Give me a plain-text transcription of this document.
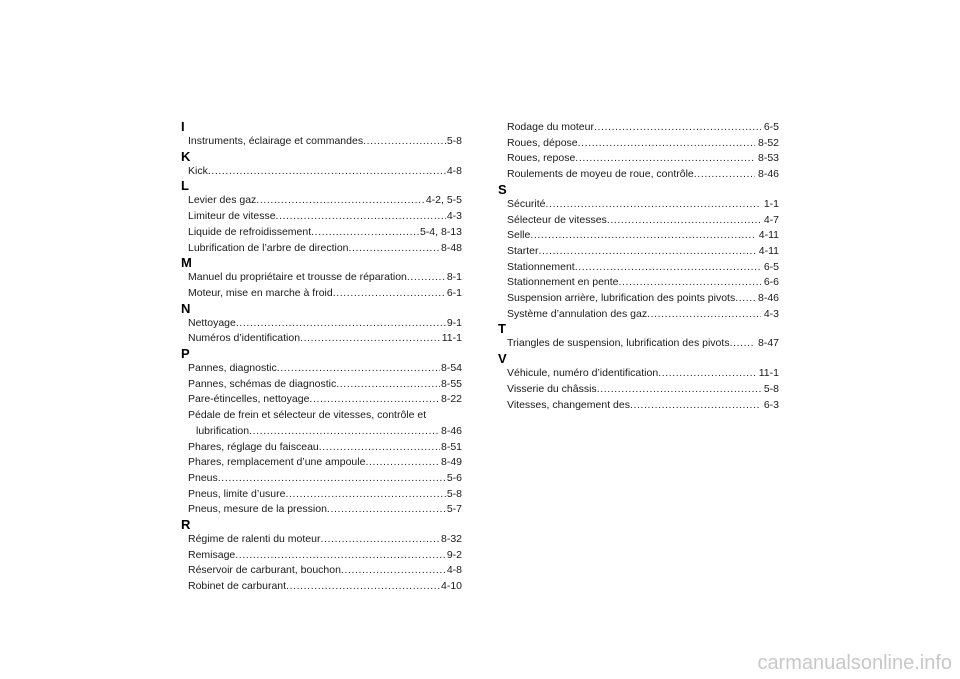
I
Instruments, éclairage et commandes .....	5-8
K
Kick .....	4-8
L
Levier des gaz .....	4-2, 5-5
Limiteur de vitesse .....	4-3
Liquide de refroidissement .....	5-4, 8-13
Lubrification de l’arbre de direction .....	8-48
M
Manuel du propriétaire et trousse de réparation .....	8-1
Moteur, mise en marche à froid .....	6-1
N
Nettoyage .....	9-1
Numéros d’identification .....	11-1
P
Pannes, diagnostic .....	8-54
Pannes, schémas de diagnostic .....	8-55
Pare-étincelles, nettoyage .....	8-22
Pédale de frein et sélecteur de vitesses, contrôle et
lubrification .....	8-46
Phares, réglage du faisceau .....	8-51
Phares, remplacement d’une ampoule .....	8-49
Pneus .....	5-6
Pneus, limite d’usure .....	5-8
Pneus, mesure de la pression .....	5-7
R
Régime de ralenti du moteur .....	8-32
Remisage .....	9-2
Réservoir de carburant, bouchon .....	4-8
Robinet de carburant .....	4-10
Rodage du moteur .....	6-5
Roues, dépose .....	8-52
Roues, repose .....	8-53
Roulements de moyeu de roue, contrôle .....	8-46
S
Sécurité .....	1-1
Sélecteur de vitesses .....	4-7
Selle .....	4-11
Starter .....	4-11
Stationnement .....	6-5
Stationnement en pente .....	6-6
Suspension arrière, lubrification des points pivots ..... 8-46
Système d’annulation des gaz .....	4-3
T
Triangles de suspension, lubrification des pivots .....	8-47
V
Véhicule, numéro d’identification .....	11-1
Visserie du châssis .....	5-8
Vitesses, changement des .....	6-3
carmanualsonline.info
